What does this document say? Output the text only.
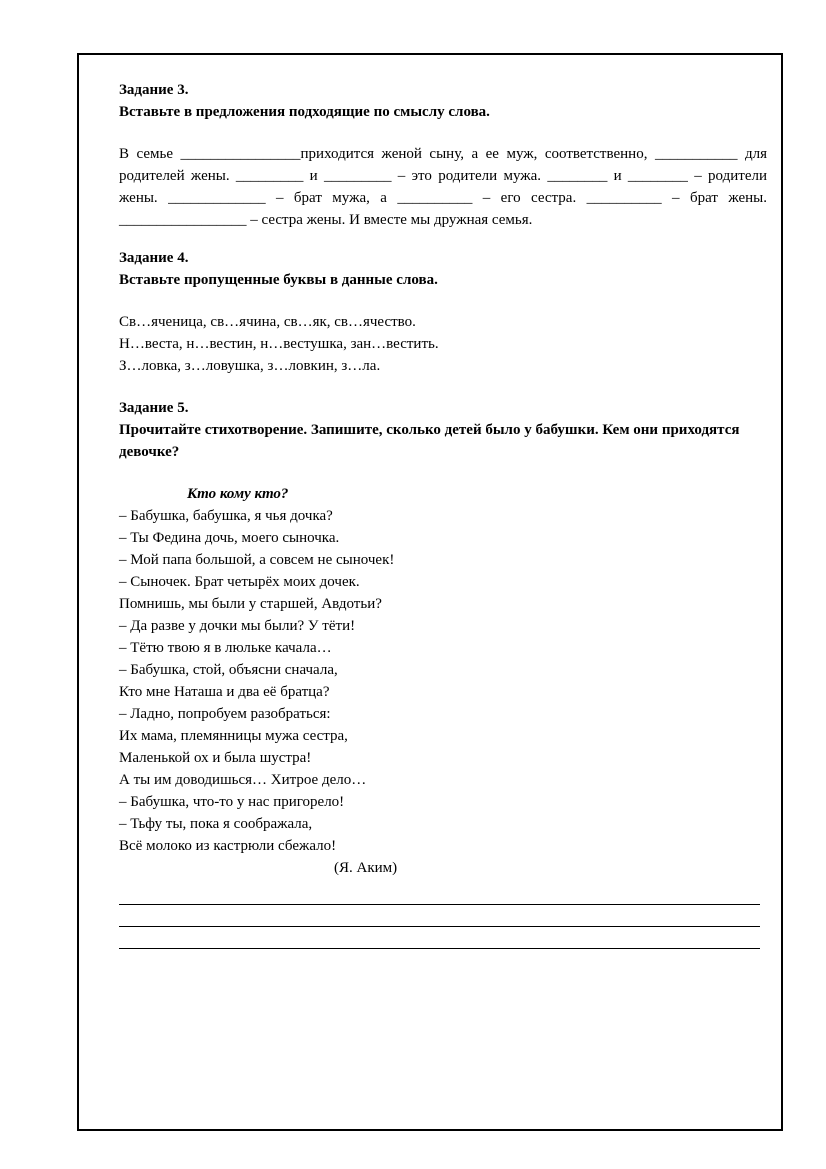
Задание 3.
Вставьте в предложения подходящие по смыслу слова.
В семье ________________приходится женой сыну, а ее муж, соответственно, ___________ для родителей жены. _________ и _________ – это родители мужа. ________ и ________ – родители жены. _____________ – брат мужа, а __________ – его сестра. __________ – брат жены. _________________ – сестра жены. И вместе мы дружная семья.
Задание 4.
Вставьте пропущенные буквы в данные слова.
Св…яченица, св…ячина, св…як, св…ячество.
Н…веста, н…вестин, н…вестушка, зан…вестить.
З…ловка, з…ловушка, з…ловкин, з…ла.
Задание 5.
Прочитайте стихотворение. Запишите, сколько детей было у бабушки. Кем они приходятся девочке?
Кто кому кто?
– Бабушка, бабушка, я чья дочка?
– Ты Федина дочь, моего сыночка.
– Мой папа большой, а совсем не сыночек!
– Сыночек. Брат четырёх моих дочек.
Помнишь, мы были у старшей, Авдотьи?
– Да разве у дочки мы были? У тёти!
– Тётю твою я в люльке качала…
– Бабушка, стой, объясни сначала,
Кто мне Наташа и два её братца?
– Ладно, попробуем разобраться:
Их мама, племянницы мужа сестра,
Маленькой ох и была шустра!
А ты им доводишься… Хитрое дело…
– Бабушка, что-то у нас пригорело!
– Тьфу ты, пока я соображала,
Всё молоко из кастрюли сбежало!
(Я. Аким)
